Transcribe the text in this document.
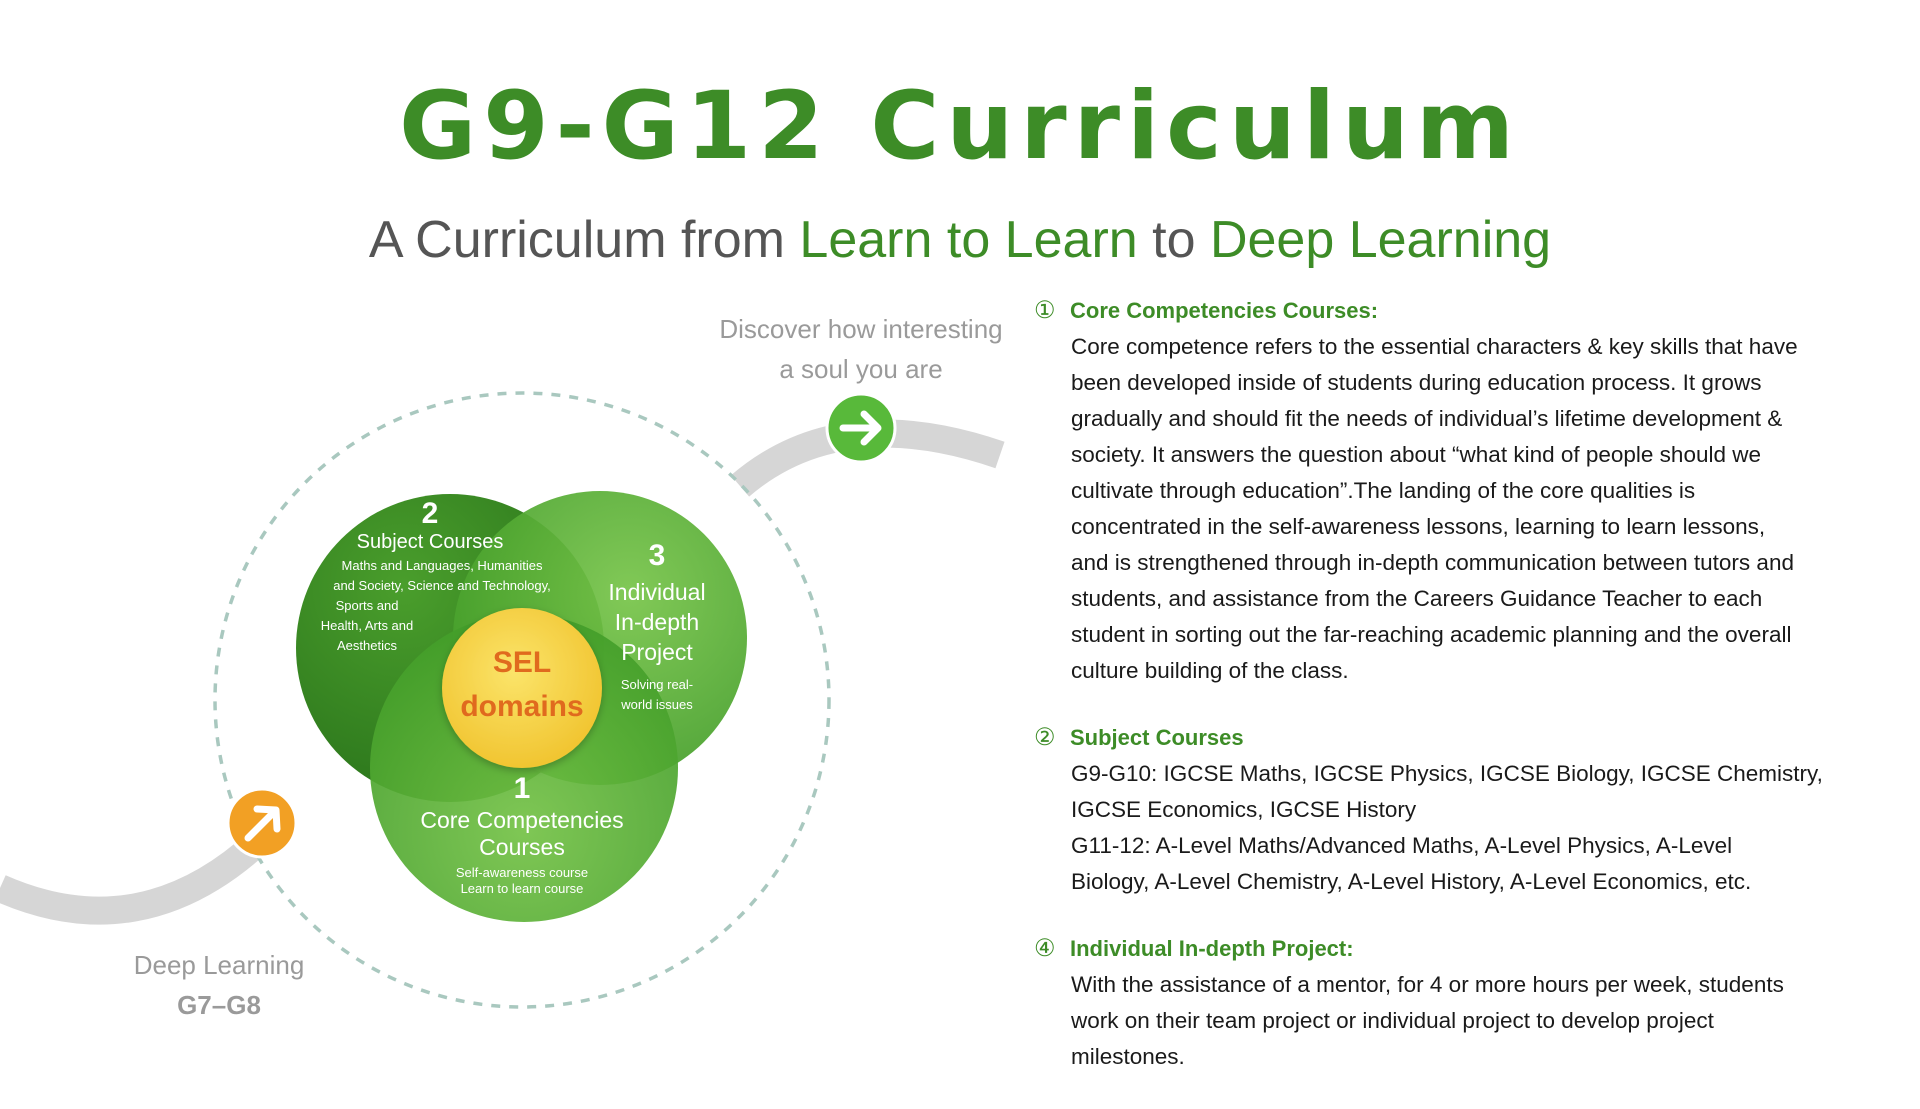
G9-G12 Curriculum
A Curriculum from Learn to Learn to Deep Learning
2
Subject Courses
Maths and Languages, Humanities
and Society, Science and Technology,
Sports and
Health, Arts and
Aesthetics
3
Individual
In-depth
Project
Solving real-
world issues
SEL
domains
1
Core Competencies
Courses
Self-awareness course
Learn to learn course
Discover how interesting
a soul you are
Deep Learning
G7–G8
① Core Competencies Courses:
Core competence refers to the essential characters & key skills that have
been developed inside of students during education process. It grows
gradually and should fit the needs of individual’s lifetime development &
society. It answers the question about “what kind of people should we
cultivate through education”.The landing of the core qualities is
concentrated in the self-awareness lessons, learning to learn lessons,
and is strengthened through in-depth communication between tutors and
students, and assistance from the Careers Guidance Teacher to each
student in sorting out the far-reaching academic planning and the overall
culture building of the class.
② Subject Courses
G9-G10: IGCSE Maths, IGCSE Physics, IGCSE Biology, IGCSE Chemistry,
IGCSE Economics, IGCSE History
G11-12: A-Level Maths/Advanced Maths, A-Level Physics, A-Level
Biology, A-Level Chemistry, A-Level History, A-Level Economics, etc.
④ Individual In-depth Project:
With the assistance of a mentor, for 4 or more hours per week, students
work on their team project or individual project to develop project
milestones.
